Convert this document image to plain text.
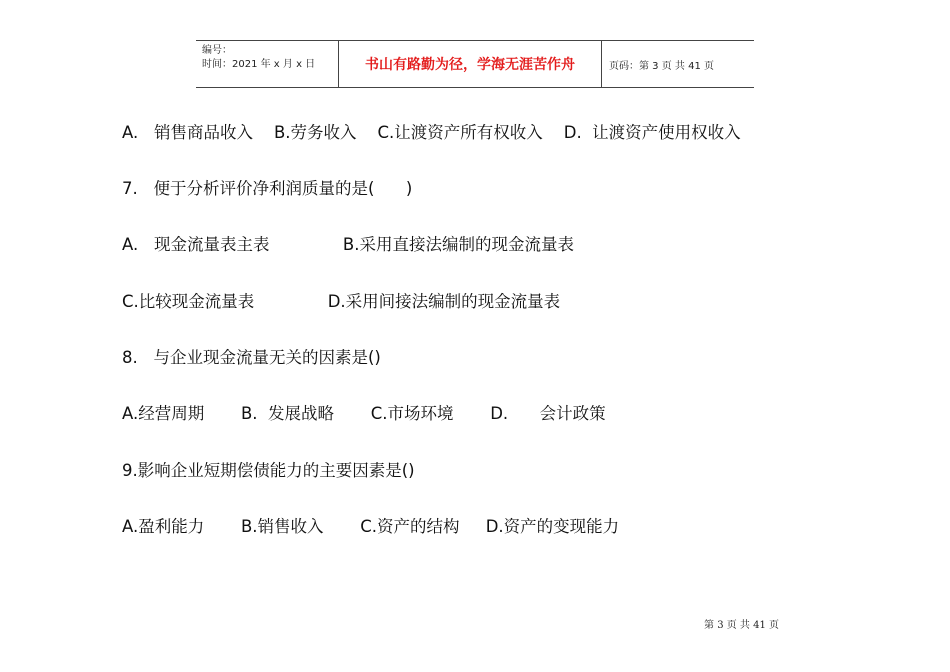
编号：
时间：2021 年 x 月 x 日	书山有路勤为径，学海无涯苦作舟	页码：第 3 页 共 41 页
A.   销售商品收入    B.劳务收入    C.让渡资产所有权收入    D.  让渡资产使用权收入
7.   便于分析评价净利润质量的是(      )
A.   现金流量表主表              B.采用直接法编制的现金流量表
C.比较现金流量表              D.采用间接法编制的现金流量表
8.   与企业现金流量无关的因素是()
A.经营周期       B.  发展战略       C.市场环境       D.      会计政策
9.影响企业短期偿债能力的主要因素是()
A.盈利能力       B.销售收入       C.资产的结构     D.资产的变现能力
第 3 页 共 41 页
